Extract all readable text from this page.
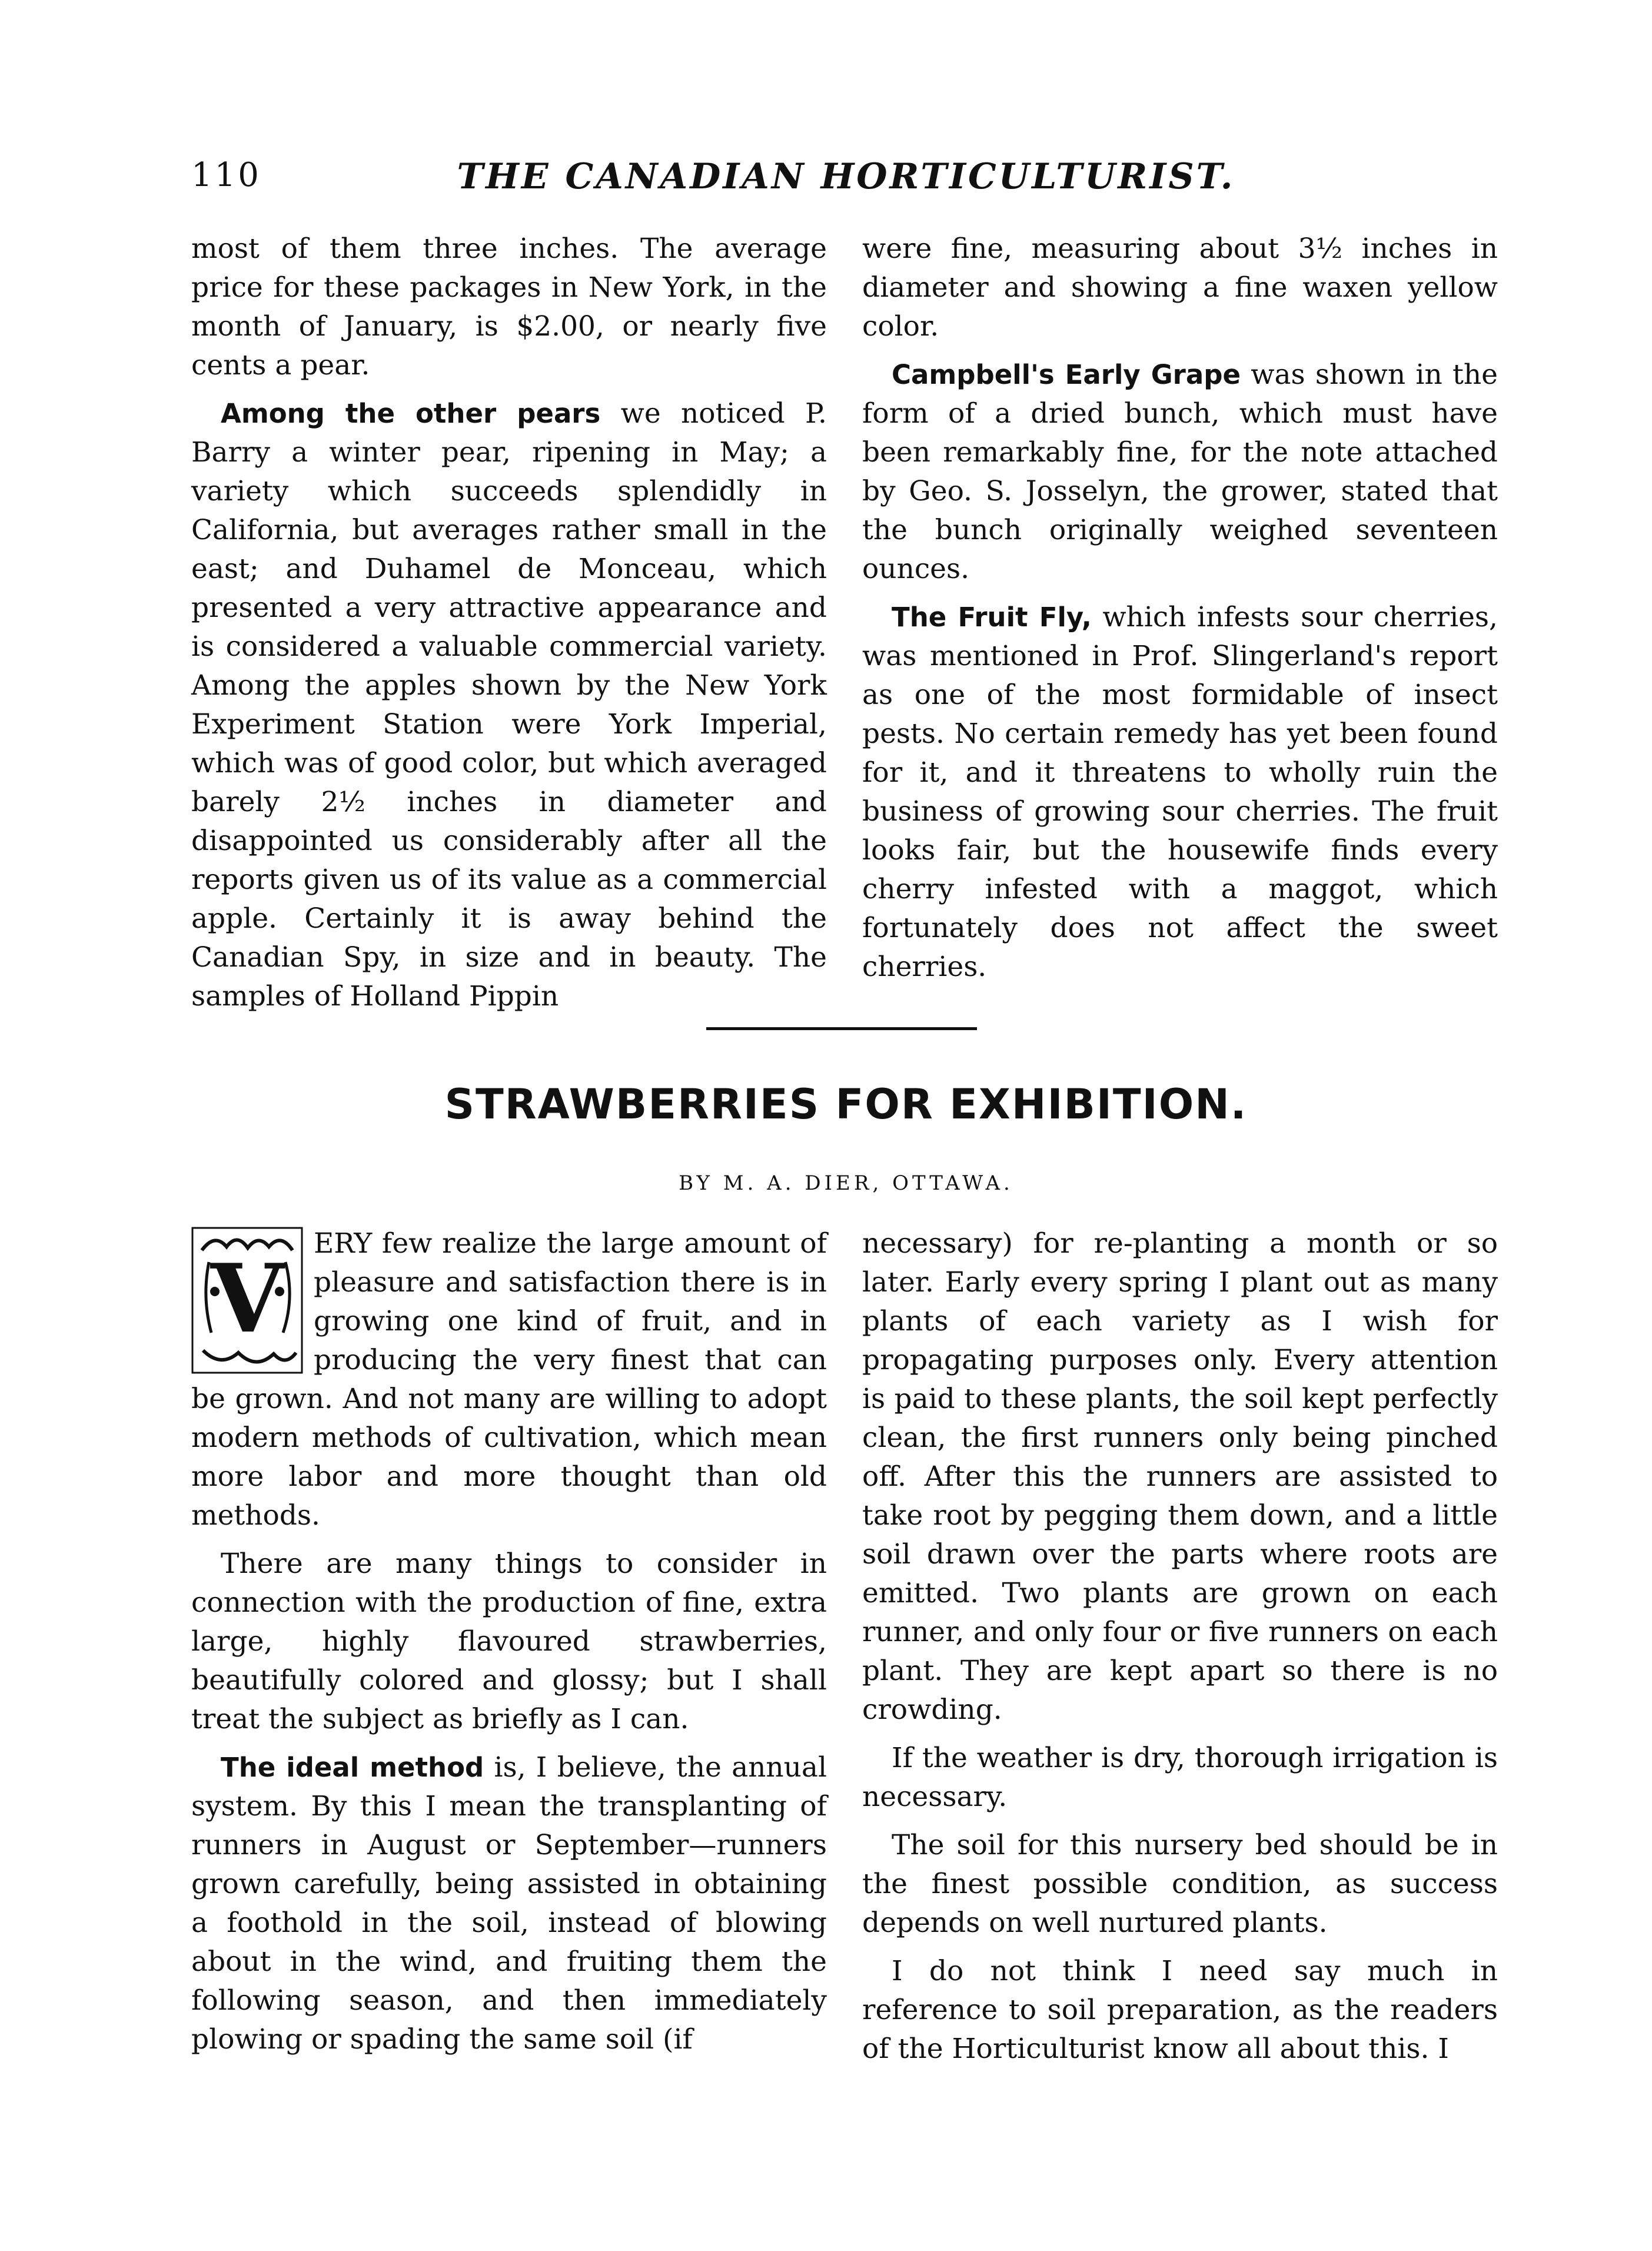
110	THE CANADIAN HORTICULTURIST.

most of them three inches. The average price for these packages in New York, in the month of January, is $2.00, or nearly five cents a pear.

Among the other pears we noticed P. Barry a winter pear, ripening in May; a variety which succeeds splendidly in California, but averages rather small in the east; and Duhamel de Monceau, which presented a very attractive appearance and is considered a valuable commercial variety. Among the apples shown by the New York Experiment Station were York Imperial, which was of good color, but which averaged barely 2½ inches in diameter and disappointed us considerably after all the reports given us of its value as a commercial apple. Certainly it is away behind the Canadian Spy, in size and in beauty. The samples of Holland Pippin

were fine, measuring about 3½ inches in diameter and showing a fine waxen yellow color.

Campbell's Early Grape was shown in the form of a dried bunch, which must have been remarkably fine, for the note attached by Geo. S. Josselyn, the grower, stated that the bunch originally weighed seventeen ounces.

The Fruit Fly, which infests sour cherries, was mentioned in Prof. Slingerland's report as one of the most formidable of insect pests. No certain remedy has yet been found for it, and it threatens to wholly ruin the business of growing sour cherries. The fruit looks fair, but the housewife finds every cherry infested with a maggot, which fortunately does not affect the sweet cherries.

STRAWBERRIES FOR EXHIBITION.
BY M. A. DIER, OTTAWA.

V ERY few realize the large amount of pleasure and satisfaction there is in growing one kind of fruit, and in producing the very finest that can be grown. And not many are willing to adopt modern methods of cultivation, which mean more labor and more thought than old methods.

There are many things to consider in connection with the production of fine, extra large, highly flavoured strawberries, beautifully colored and glossy; but I shall treat the subject as briefly as I can.

The ideal method is, I believe, the annual system. By this I mean the transplanting of runners in August or September—runners grown carefully, being assisted in obtaining a foothold in the soil, instead of blowing about in the wind, and fruiting them the following season, and then immediately plowing or spading the same soil (if

necessary) for re-planting a month or so later. Early every spring I plant out as many plants of each variety as I wish for propagating purposes only. Every attention is paid to these plants, the soil kept perfectly clean, the first runners only being pinched off. After this the runners are assisted to take root by pegging them down, and a little soil drawn over the parts where roots are emitted. Two plants are grown on each runner, and only four or five runners on each plant. They are kept apart so there is no crowding.

If the weather is dry, thorough irrigation is necessary.

The soil for this nursery bed should be in the finest possible condition, as success depends on well nurtured plants.

I do not think I need say much in reference to soil preparation, as the readers of the Horticulturist know all about this. I
